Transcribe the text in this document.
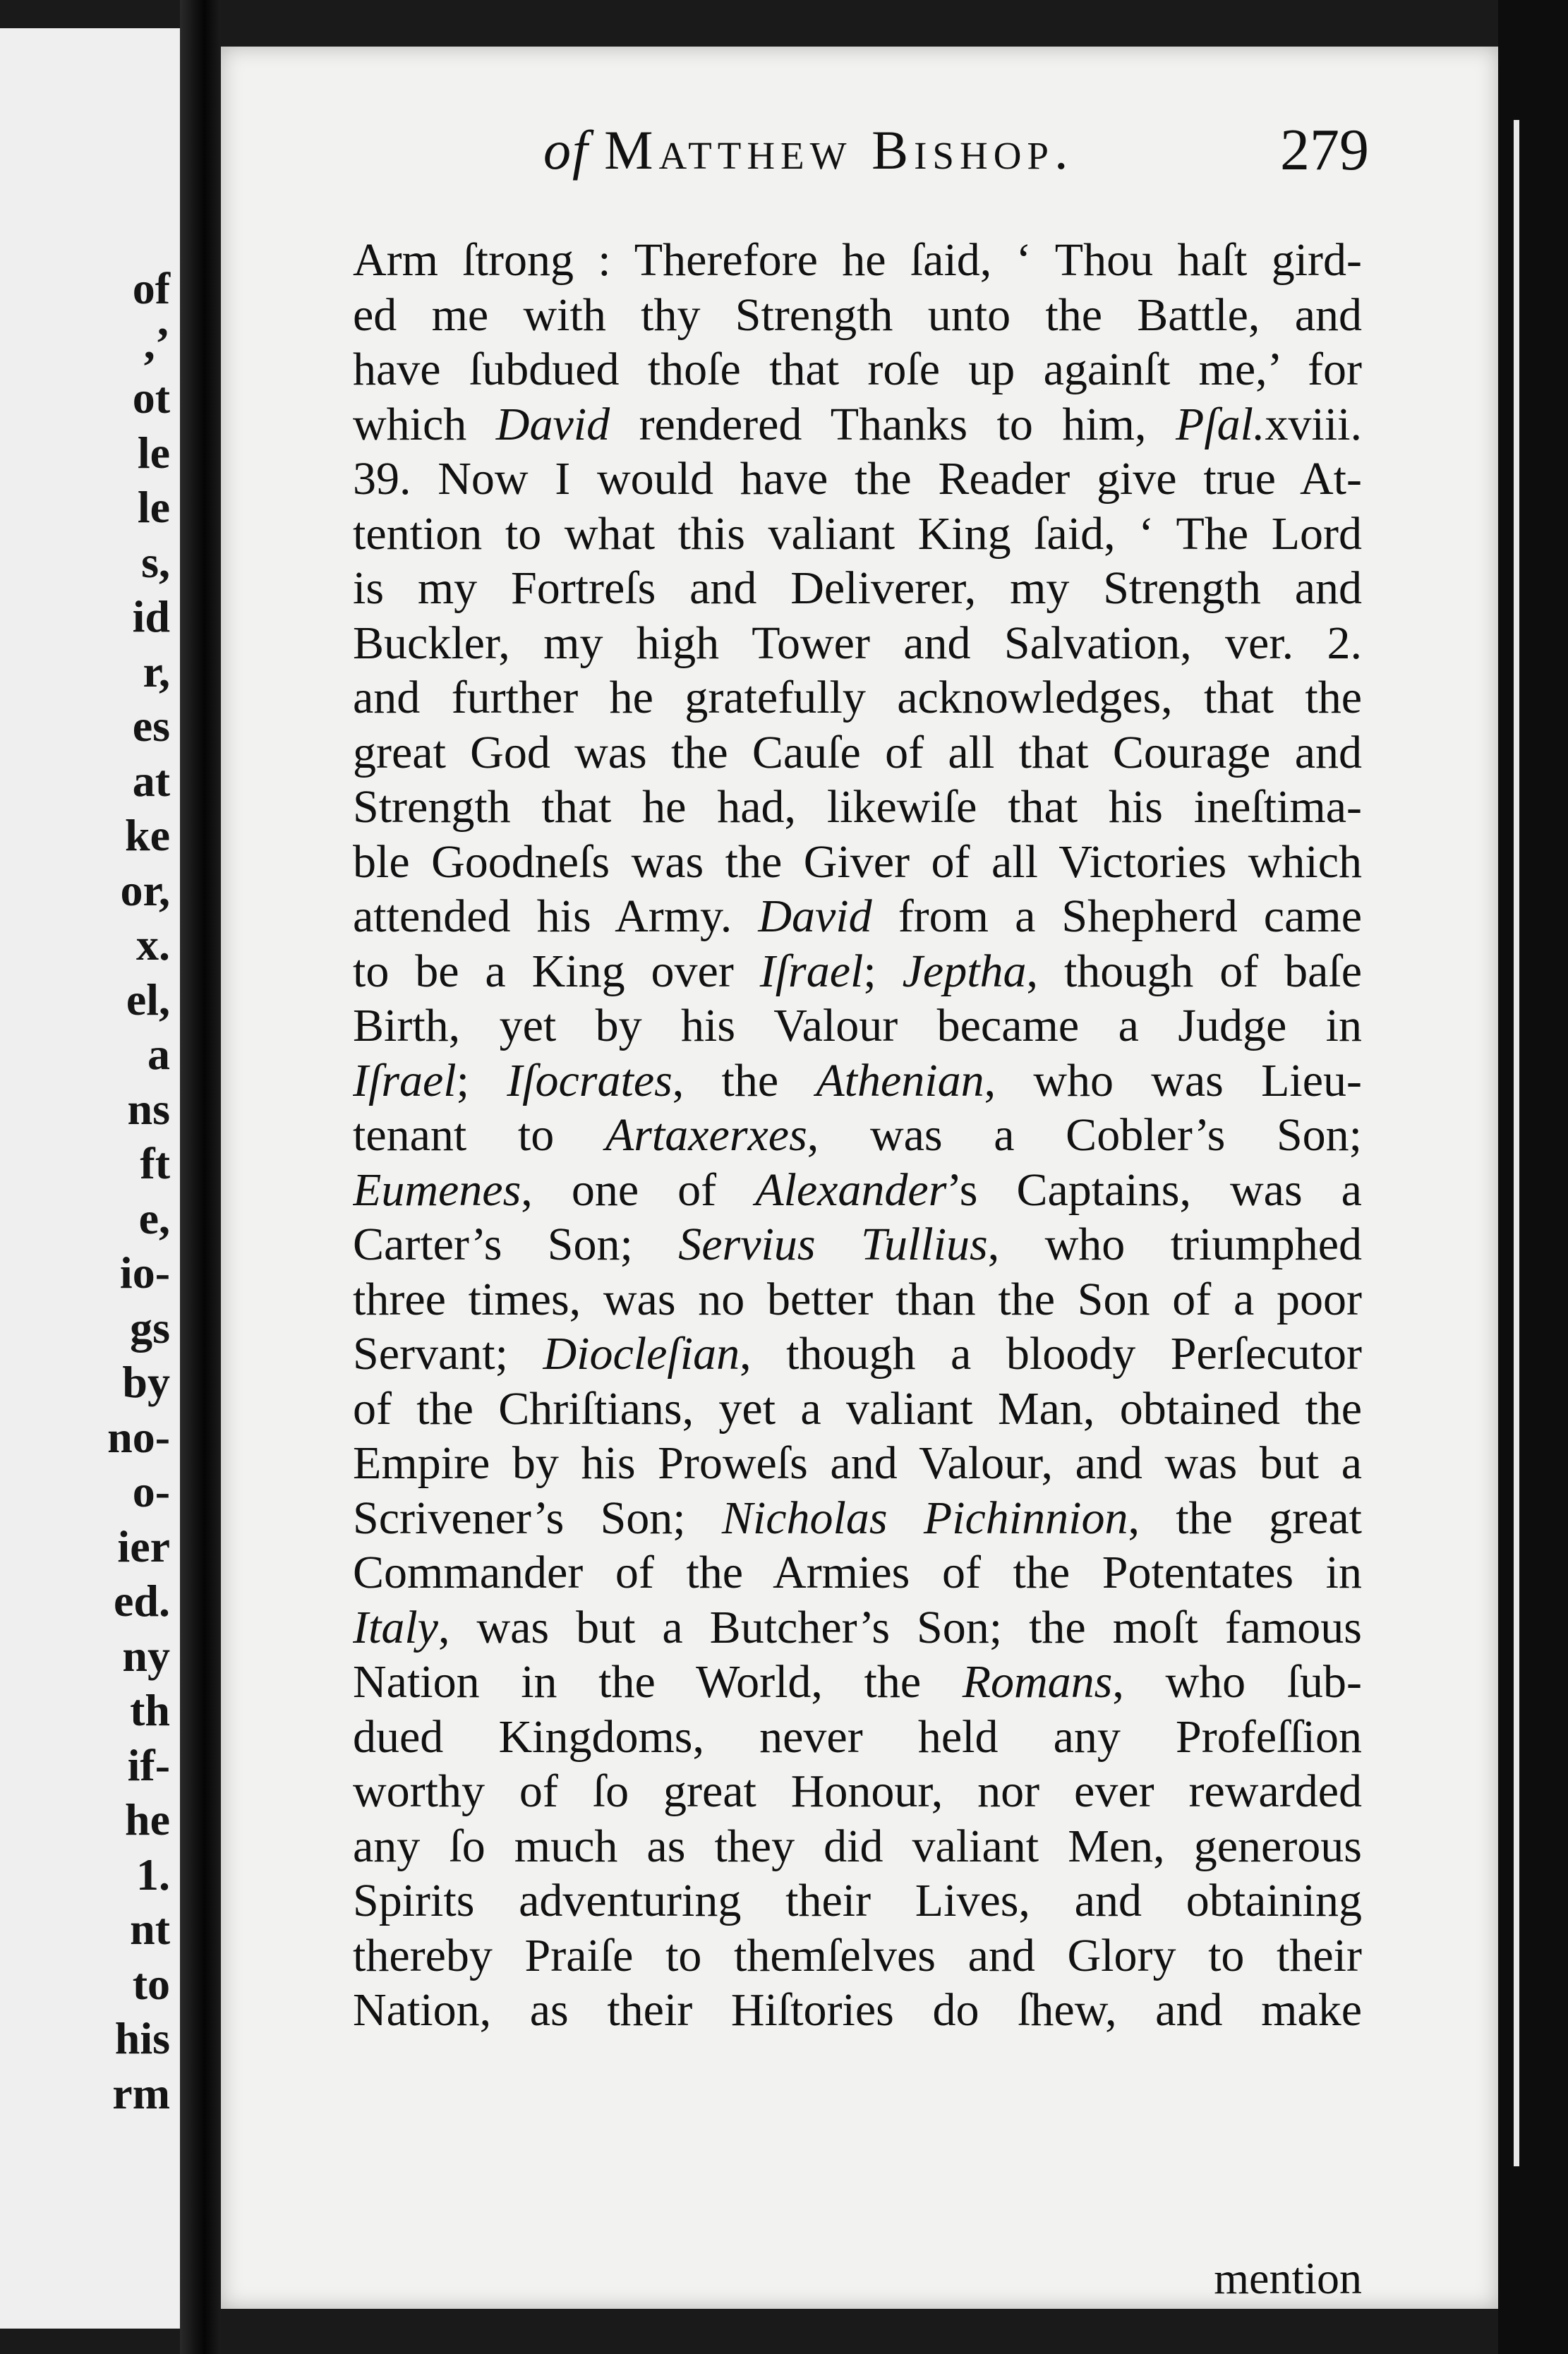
of
,’
ot
le
le
s,
id
r,
es
at
ke
or,
x.
el,
a
ns
ft
e,
io-
gs
by
no-
o-
ier
ed.
ny
th
if-
he
1.
nt
to
his
rm
of Matthew Bishop.	279
Arm ſtrong : Therefore he ſaid, ‘ Thou haſt gird-
ed me with thy Strength unto the Battle, and
have ſubdued thoſe that roſe up againſt me,’ for
which David rendered Thanks to him, Pſal.xviii.
39. Now I would have the Reader give true At-
tention to what this valiant King ſaid, ‘ The Lord
is my Fortreſs and Deliverer, my Strength and
Buckler, my high Tower and Salvation, ver. 2.
and further he gratefully acknowledges, that the
great God was the Cauſe of all that Courage and
Strength that he had, likewiſe that his ineſtima-
ble Goodneſs was the Giver of all Victories which
attended his Army. David from a Shepherd came
to be a King over Iſrael; Jeptha, though of baſe
Birth, yet by his Valour became a Judge in
Iſrael; Iſocrates, the Athenian, who was Lieu-
tenant to Artaxerxes, was a Cobler’s Son;
Eumenes, one of Alexander’s Captains, was a
Carter’s Son; Servius Tullius, who triumphed
three times, was no better than the Son of a poor
Servant; Diocleſian, though a bloody Perſecutor
of the Chriſtians, yet a valiant Man, obtained the
Empire by his Proweſs and Valour, and was but a
Scrivener’s Son; Nicholas Pichinnion, the great
Commander of the Armies of the Potentates in
Italy, was but a Butcher’s Son; the moſt famous
Nation in the World, the Romans, who ſub-
dued Kingdoms, never held any Profeſſion
worthy of ſo great Honour, nor ever rewarded
any ſo much as they did valiant Men, generous
Spirits adventuring their Lives, and obtaining
thereby Praiſe to themſelves and Glory to their
Nation, as their Hiſtories do ſhew, and make
mention
